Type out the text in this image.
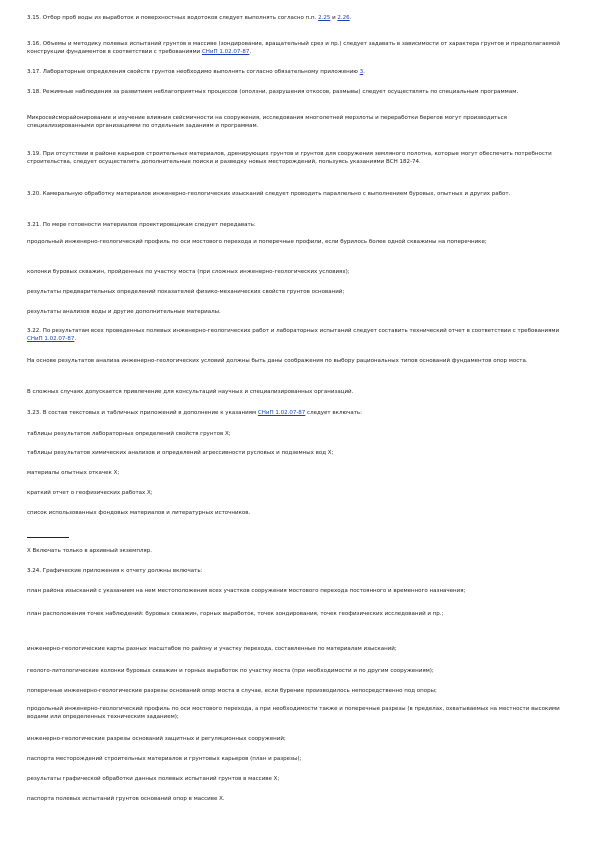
3.15. Отбор проб воды из выработок и поверхностных водотоков следует выполнять согласно п.п. 2.25 и 2.26.

3.16. Объемы и методику полевых испытаний грунтов в массиве (зондирование, вращательный срез и пр.) следует задавать в зависимости от характера грунтов и предполагаемой конструкции фундаментов в соответствии с требованиями СНиП 1.02.07-87.

3.17. Лабораторные определения свойств грунтов необходимо выполнять согласно обязательному приложению 3.

3.18. Режимные наблюдения за развитием неблагоприятных процессов (оползни, разрушения откосов, размывы) следует осуществлять по специальным программам.

Микросейсморайонирование и изучение влияния сейсмичности на сооружения, исследования многолетней мерзлоты и переработки берегов могут производиться специализированными организациями по отдельным заданиям и программам.

3.19. При отсутствии в районе карьеров строительных материалов, дренирующих грунтов и грунтов для сооружения земляного полотна, которые могут обеспечить потребности строительства, следует осуществлять дополнительные поиски и разведку новых месторождений, пользуясь указаниями ВСН 182-74.

3.20. Камеральную обработку материалов инженерно-геологических изысканий следует проводить параллельно с выполнением буровых, опытных и других работ.

3.21. По мере готовности материалов проектировщикам следует передавать:

продольный инженерно-геологический профиль по оси мостового перехода и поперечные профили, если бурилось более одной скважины на поперечнике;

колонки буровых скважин, пройденных по участку моста (при сложных инженерно-геологических условиях);

результаты предварительных определений показателей физико-механических свойств грунтов оснований;

результаты анализов воды и другие дополнительные материалы.

3.22. По результатам всех проведенных полевых инженерно-геологических работ и лабораторных испытаний следует составить технический отчет в соответствии с требованиями СНиП 1.02.07-87.

На основе результатов анализа инженерно-геологических условий должны быть даны соображения по выбору рациональных типов оснований фундаментов опор моста.

В сложных случаях допускается привлечение для консультаций научных и специализированных организаций.

3.23. В состав текстовых и табличных приложений в дополнение к указаниям СНиП 1.02.07-87 следует включать:

таблицы результатов лабораторных определений свойств грунтов X;

таблицы результатов химических анализов и определений агрессивности русловых и подземных вод X;

материалы опытных откачек X;

краткий отчет о геофизических работах X;

список использованных фондовых материалов и литературных источников.

X Включать только в архивный экземпляр.

3.24. Графические приложения к отчету должны включать:

план района изысканий с указанием на нем местоположения всех участков сооружения мостового перехода постоянного и временного назначения;

план расположения точек наблюдений: буровых скважин, горных выработок, точек зондирования, точек геофизических исследований и пр.;

инженерно-геологические карты разных масштабов по району и участку перехода, составленные по материалам изысканий;

геолого-литологические колонки буровых скважин и горных выработок по участку моста (при необходимости и по другим сооружениям);

поперечные инженерно-геологические разрезы оснований опор моста в случае, если бурение производилось непосредственно под опоры;

продольный инженерно-геологический профиль по оси мостового перехода, а при необходимости также и поперечные разрезы (в пределах, охватываемых на местности высокими водами или определенных техническим заданием);

инженерно-геологические разрезы оснований защитных и регуляционных сооружений;

паспорта месторождений строительных материалов и грунтовых карьеров (план и разрезы);

результаты графической обработки данных полевых испытаний грунтов в массиве X;

паспорта полевых испытаний грунтов оснований опор в массиве X.
